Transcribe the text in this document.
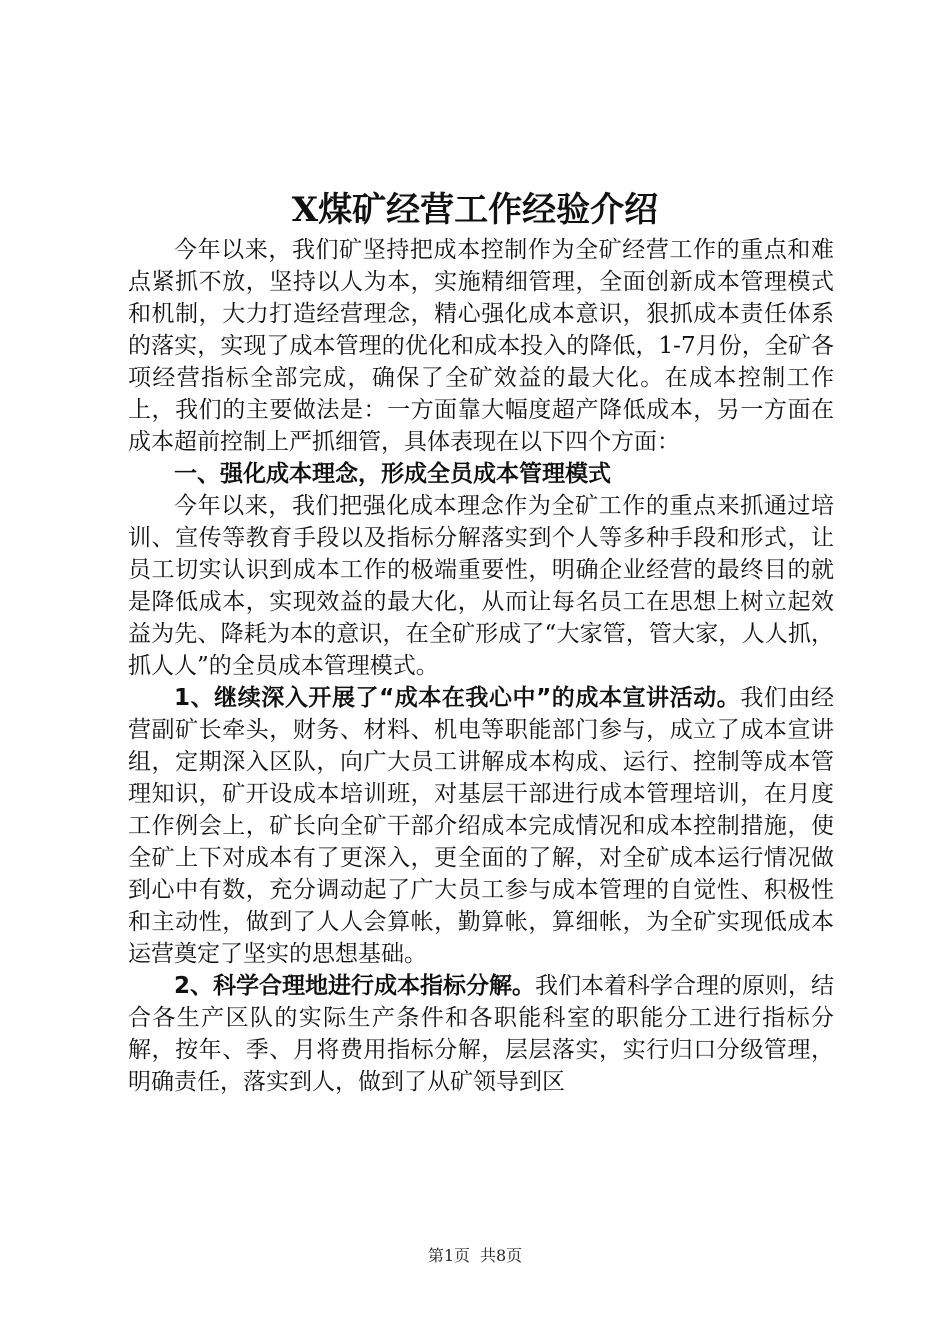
X煤矿经营工作经验介绍

今年以来，我们矿坚持把成本控制作为全矿经营工作的重点和难点紧抓不放，坚持以人为本，实施精细管理，全面创新成本管理模式和机制，大力打造经营理念，精心强化成本意识，狠抓成本责任体系的落实，实现了成本管理的优化和成本投入的降低，1-7月份，全矿各项经营指标全部完成，确保了全矿效益的最大化。在成本控制工作上，我们的主要做法是：一方面靠大幅度超产降低成本，另一方面在成本超前控制上严抓细管，具体表现在以下四个方面：

一、强化成本理念，形成全员成本管理模式

今年以来，我们把强化成本理念作为全矿工作的重点来抓通过培训、宣传等教育手段以及指标分解落实到个人等多种手段和形式，让员工切实认识到成本工作的极端重要性，明确企业经营的最终目的就是降低成本，实现效益的最大化，从而让每名员工在思想上树立起效益为先、降耗为本的意识，在全矿形成了“大家管，管大家，人人抓，抓人人”的全员成本管理模式。

1、继续深入开展了“成本在我心中”的成本宣讲活动。我们由经营副矿长牵头，财务、材料、机电等职能部门参与，成立了成本宣讲组，定期深入区队，向广大员工讲解成本构成、运行、控制等成本管理知识，矿开设成本培训班，对基层干部进行成本管理培训，在月度工作例会上，矿长向全矿干部介绍成本完成情况和成本控制措施，使全矿上下对成本有了更深入，更全面的了解，对全矿成本运行情况做到心中有数，充分调动起了广大员工参与成本管理的自觉性、积极性和主动性，做到了人人会算帐，勤算帐，算细帐，为全矿实现低成本运营奠定了坚实的思想基础。

2、科学合理地进行成本指标分解。我们本着科学合理的原则，结合各生产区队的实际生产条件和各职能科室的职能分工进行指标分解，按年、季、月将费用指标分解，层层落实，实行归口分级管理，明确责任，落实到人，做到了从矿领导到区

第1页 共8页
